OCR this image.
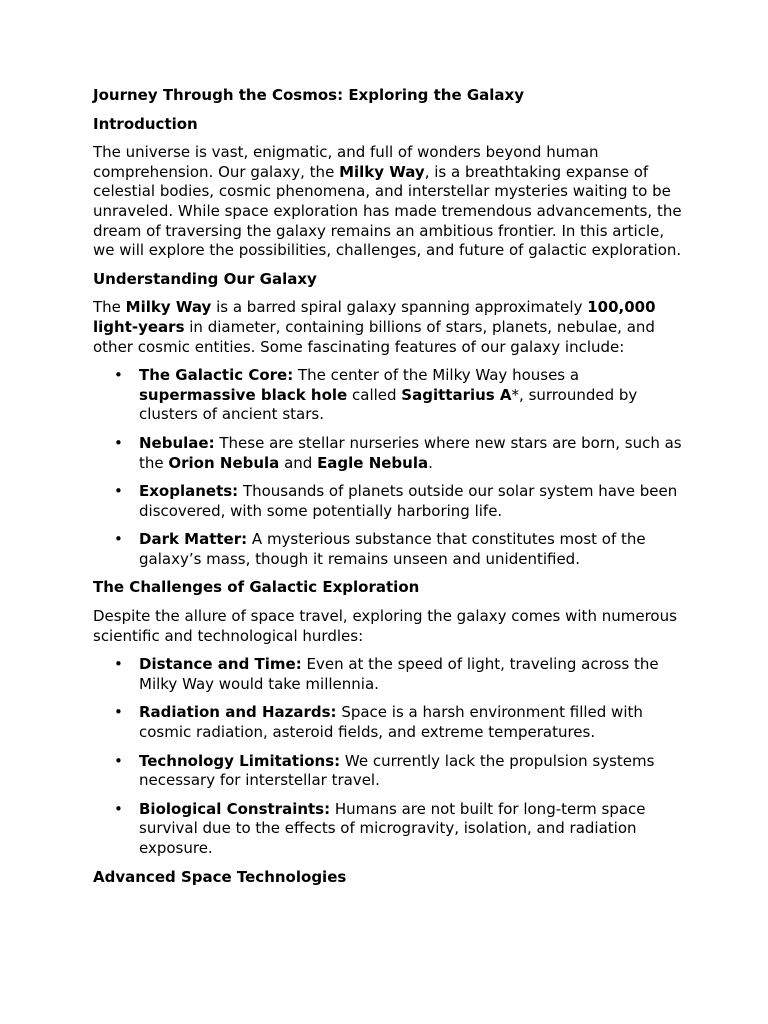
Journey Through the Cosmos: Exploring the Galaxy
Introduction
The universe is vast, enigmatic, and full of wonders beyond human comprehension. Our galaxy, the Milky Way, is a breathtaking expanse of celestial bodies, cosmic phenomena, and interstellar mysteries waiting to be unraveled. While space exploration has made tremendous advancements, the dream of traversing the galaxy remains an ambitious frontier. In this article, we will explore the possibilities, challenges, and future of galactic exploration.
Understanding Our Galaxy
The Milky Way is a barred spiral galaxy spanning approximately 100,000 light-years in diameter, containing billions of stars, planets, nebulae, and other cosmic entities. Some fascinating features of our galaxy include:
• The Galactic Core: The center of the Milky Way houses a supermassive black hole called Sagittarius A*, surrounded by clusters of ancient stars.
• Nebulae: These are stellar nurseries where new stars are born, such as the Orion Nebula and Eagle Nebula.
• Exoplanets: Thousands of planets outside our solar system have been discovered, with some potentially harboring life.
• Dark Matter: A mysterious substance that constitutes most of the galaxy’s mass, though it remains unseen and unidentified.
The Challenges of Galactic Exploration
Despite the allure of space travel, exploring the galaxy comes with numerous scientific and technological hurdles:
• Distance and Time: Even at the speed of light, traveling across the Milky Way would take millennia.
• Radiation and Hazards: Space is a harsh environment filled with cosmic radiation, asteroid fields, and extreme temperatures.
• Technology Limitations: We currently lack the propulsion systems necessary for interstellar travel.
• Biological Constraints: Humans are not built for long-term space survival due to the effects of microgravity, isolation, and radiation exposure.
Advanced Space Technologies
